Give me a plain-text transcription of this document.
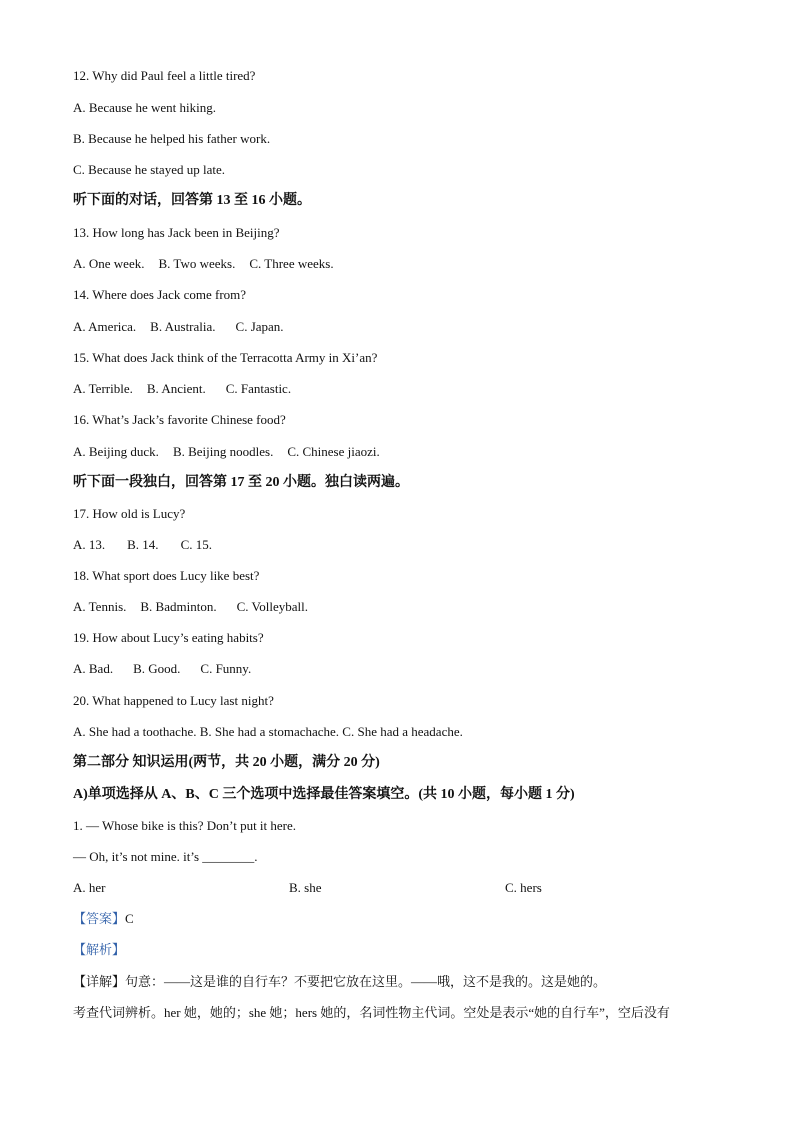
12. Why did Paul feel a little tired?
A. Because he went hiking.
B. Because he helped his father work.
C. Because he stayed up late.
听下面的对话，回答第 13 至 16 小题。
13. How long has Jack been in Beijing?
A. One week. B. Two weeks. C. Three weeks.
14. Where does Jack come from?
A. America. B. Australia. C. Japan.
15. What does Jack think of the Terracotta Army in Xi’an?
A. Terrible. B. Ancient. C. Fantastic.
16. What’s Jack’s favorite Chinese food?
A. Beijing duck. B. Beijing noodles. C. Chinese jiaozi.
听下面一段独白，回答第 17 至 20 小题。独白读两遍。
17. How old is Lucy?
A. 13. B. 14. C. 15.
18. What sport does Lucy like best?
A. Tennis. B. Badminton. C. Volleyball.
19. How about Lucy’s eating habits?
A. Bad. B. Good. C. Funny.
20. What happened to Lucy last night?
A. She had a toothache. B. She had a stomachache. C. She had a headache.
第二部分 知识运用(两节，共 20 小题，满分 20 分)
A)单项选择从 A、B、C 三个选项中选择最佳答案填空。(共 10 小题，每小题 1 分)
1. — Whose bike is this? Don’t put it here.
— Oh, it’s not mine. it’s ________.
A. her	B. she	C. hers
【答案】C
【解析】
【详解】句意：——这是谁的自行车？不要把它放在这里。——哦，这不是我的。这是她的。
考查代词辨析。her 她，她的；she 她；hers 她的，名词性物主代词。空处是表示“她的自行车”，空后没有
